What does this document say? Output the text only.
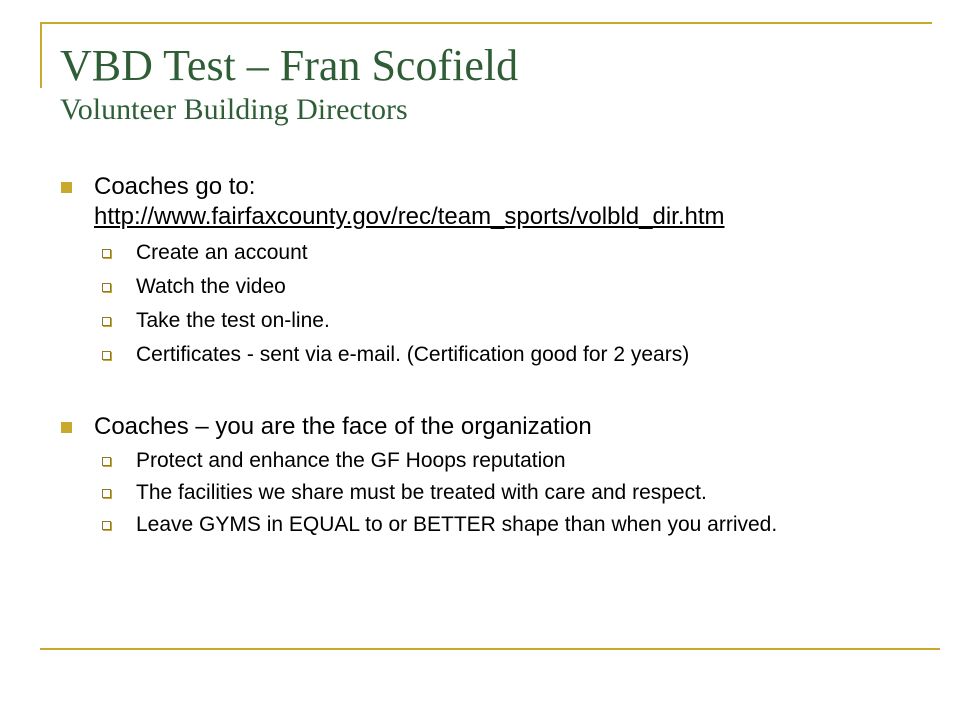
VBD Test – Fran Scofield
Volunteer Building Directors
Coaches go to:
http://www.fairfaxcounty.gov/rec/team_sports/volbld_dir.htm
Create an account
Watch the video
Take the test on-line.
Certificates - sent via e-mail. (Certification good for 2 years)
Coaches – you are the face of the organization
Protect and enhance the GF Hoops reputation
The facilities we share must be treated with care and respect.
Leave GYMS in EQUAL to or BETTER shape than when you arrived.
